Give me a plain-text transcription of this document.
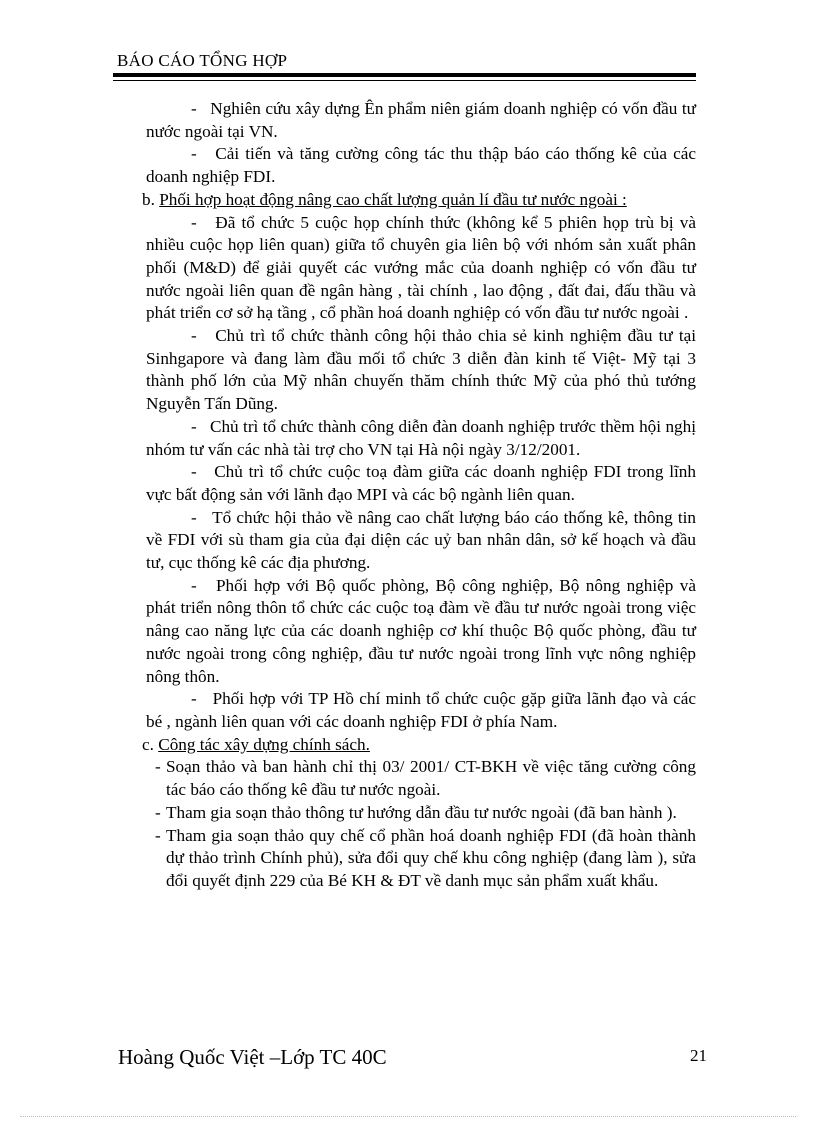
BÁO CÁO TỔNG HỢP

- Nghiên cứu xây dựng Ên phẩm niên giám doanh nghiệp có vốn đầu tư nước ngoài tại VN.

- Cải tiến và tăng cường công tác thu thập báo cáo thống kê của các doanh nghiệp FDI.

b. Phối hợp hoạt động nâng cao chất lượng quản lí đầu tư nước ngoài :

- Đã tổ chức 5 cuộc họp chính thức (không kể 5 phiên họp trù bị và nhiều cuộc họp liên quan) giữa tổ chuyên gia liên bộ với nhóm sản xuất phân phối (M&D) để giải quyết các vướng mắc của doanh nghiệp có vốn đầu tư nước ngoài liên quan đề ngân hàng , tài chính , lao động , đất đai, đấu thầu và phát triển cơ sở hạ tầng , cổ phần hoá doanh nghiệp có vốn đầu tư nước ngoài .

- Chủ trì tổ chức thành công hội thảo chia sẻ kinh nghiệm đầu tư tại Sinhgapore và đang làm đầu mối tổ chức 3 diễn đàn kinh tế Việt- Mỹ tại 3 thành phố lớn của Mỹ nhân chuyến thăm chính thức Mỹ của phó thủ tướng Nguyễn Tấn Dũng.

- Chủ trì tổ chức thành công diễn đàn doanh nghiệp trước thềm hội nghị nhóm tư vấn các nhà tài trợ cho VN tại Hà nội ngày 3/12/2001.

- Chủ trì tổ chức cuộc toạ đàm giữa các doanh nghiệp FDI trong lĩnh vực bất động sản với lãnh đạo MPI và các bộ ngành liên quan.

- Tổ chức hội thảo về nâng cao chất lượng báo cáo thống kê, thông tin về FDI với sù tham gia của đại diện các uỷ ban nhân dân, sở kế hoạch và đầu tư, cục thống kê các địa phương.

- Phối hợp với Bộ quốc phòng, Bộ công nghiệp, Bộ nông nghiệp và phát triển nông thôn tổ chức các cuộc toạ đàm về đầu tư nước ngoài trong việc nâng cao năng lực của các doanh nghiệp cơ khí thuộc Bộ quốc phòng, đầu tư nước ngoài trong công nghiệp, đầu tư nước ngoài trong lĩnh vực nông nghiệp nông thôn.

- Phối hợp với TP Hồ chí minh tổ chức cuộc gặp giữa lãnh đạo và các bé , ngành liên quan với các doanh nghiệp FDI ở phía Nam.

c. Công tác xây dựng chính sách.

- Soạn thảo và ban hành chỉ thị 03/ 2001/ CT-BKH về việc tăng cường công tác báo cáo thống kê đầu tư nước ngoài.

- Tham gia soạn thảo thông tư hướng dẫn đầu tư nước ngoài (đã ban hành ).

- Tham gia soạn thảo quy chế cổ phần hoá doanh nghiệp FDI (đã hoàn thành dự thảo trình Chính phủ), sửa đổi quy chế khu công nghiệp (đang làm ), sửa đổi quyết định 229 của Bé KH & ĐT về danh mục sản phẩm xuất khẩu.

Hoàng Quốc Việt –Lớp TC 40C	21
